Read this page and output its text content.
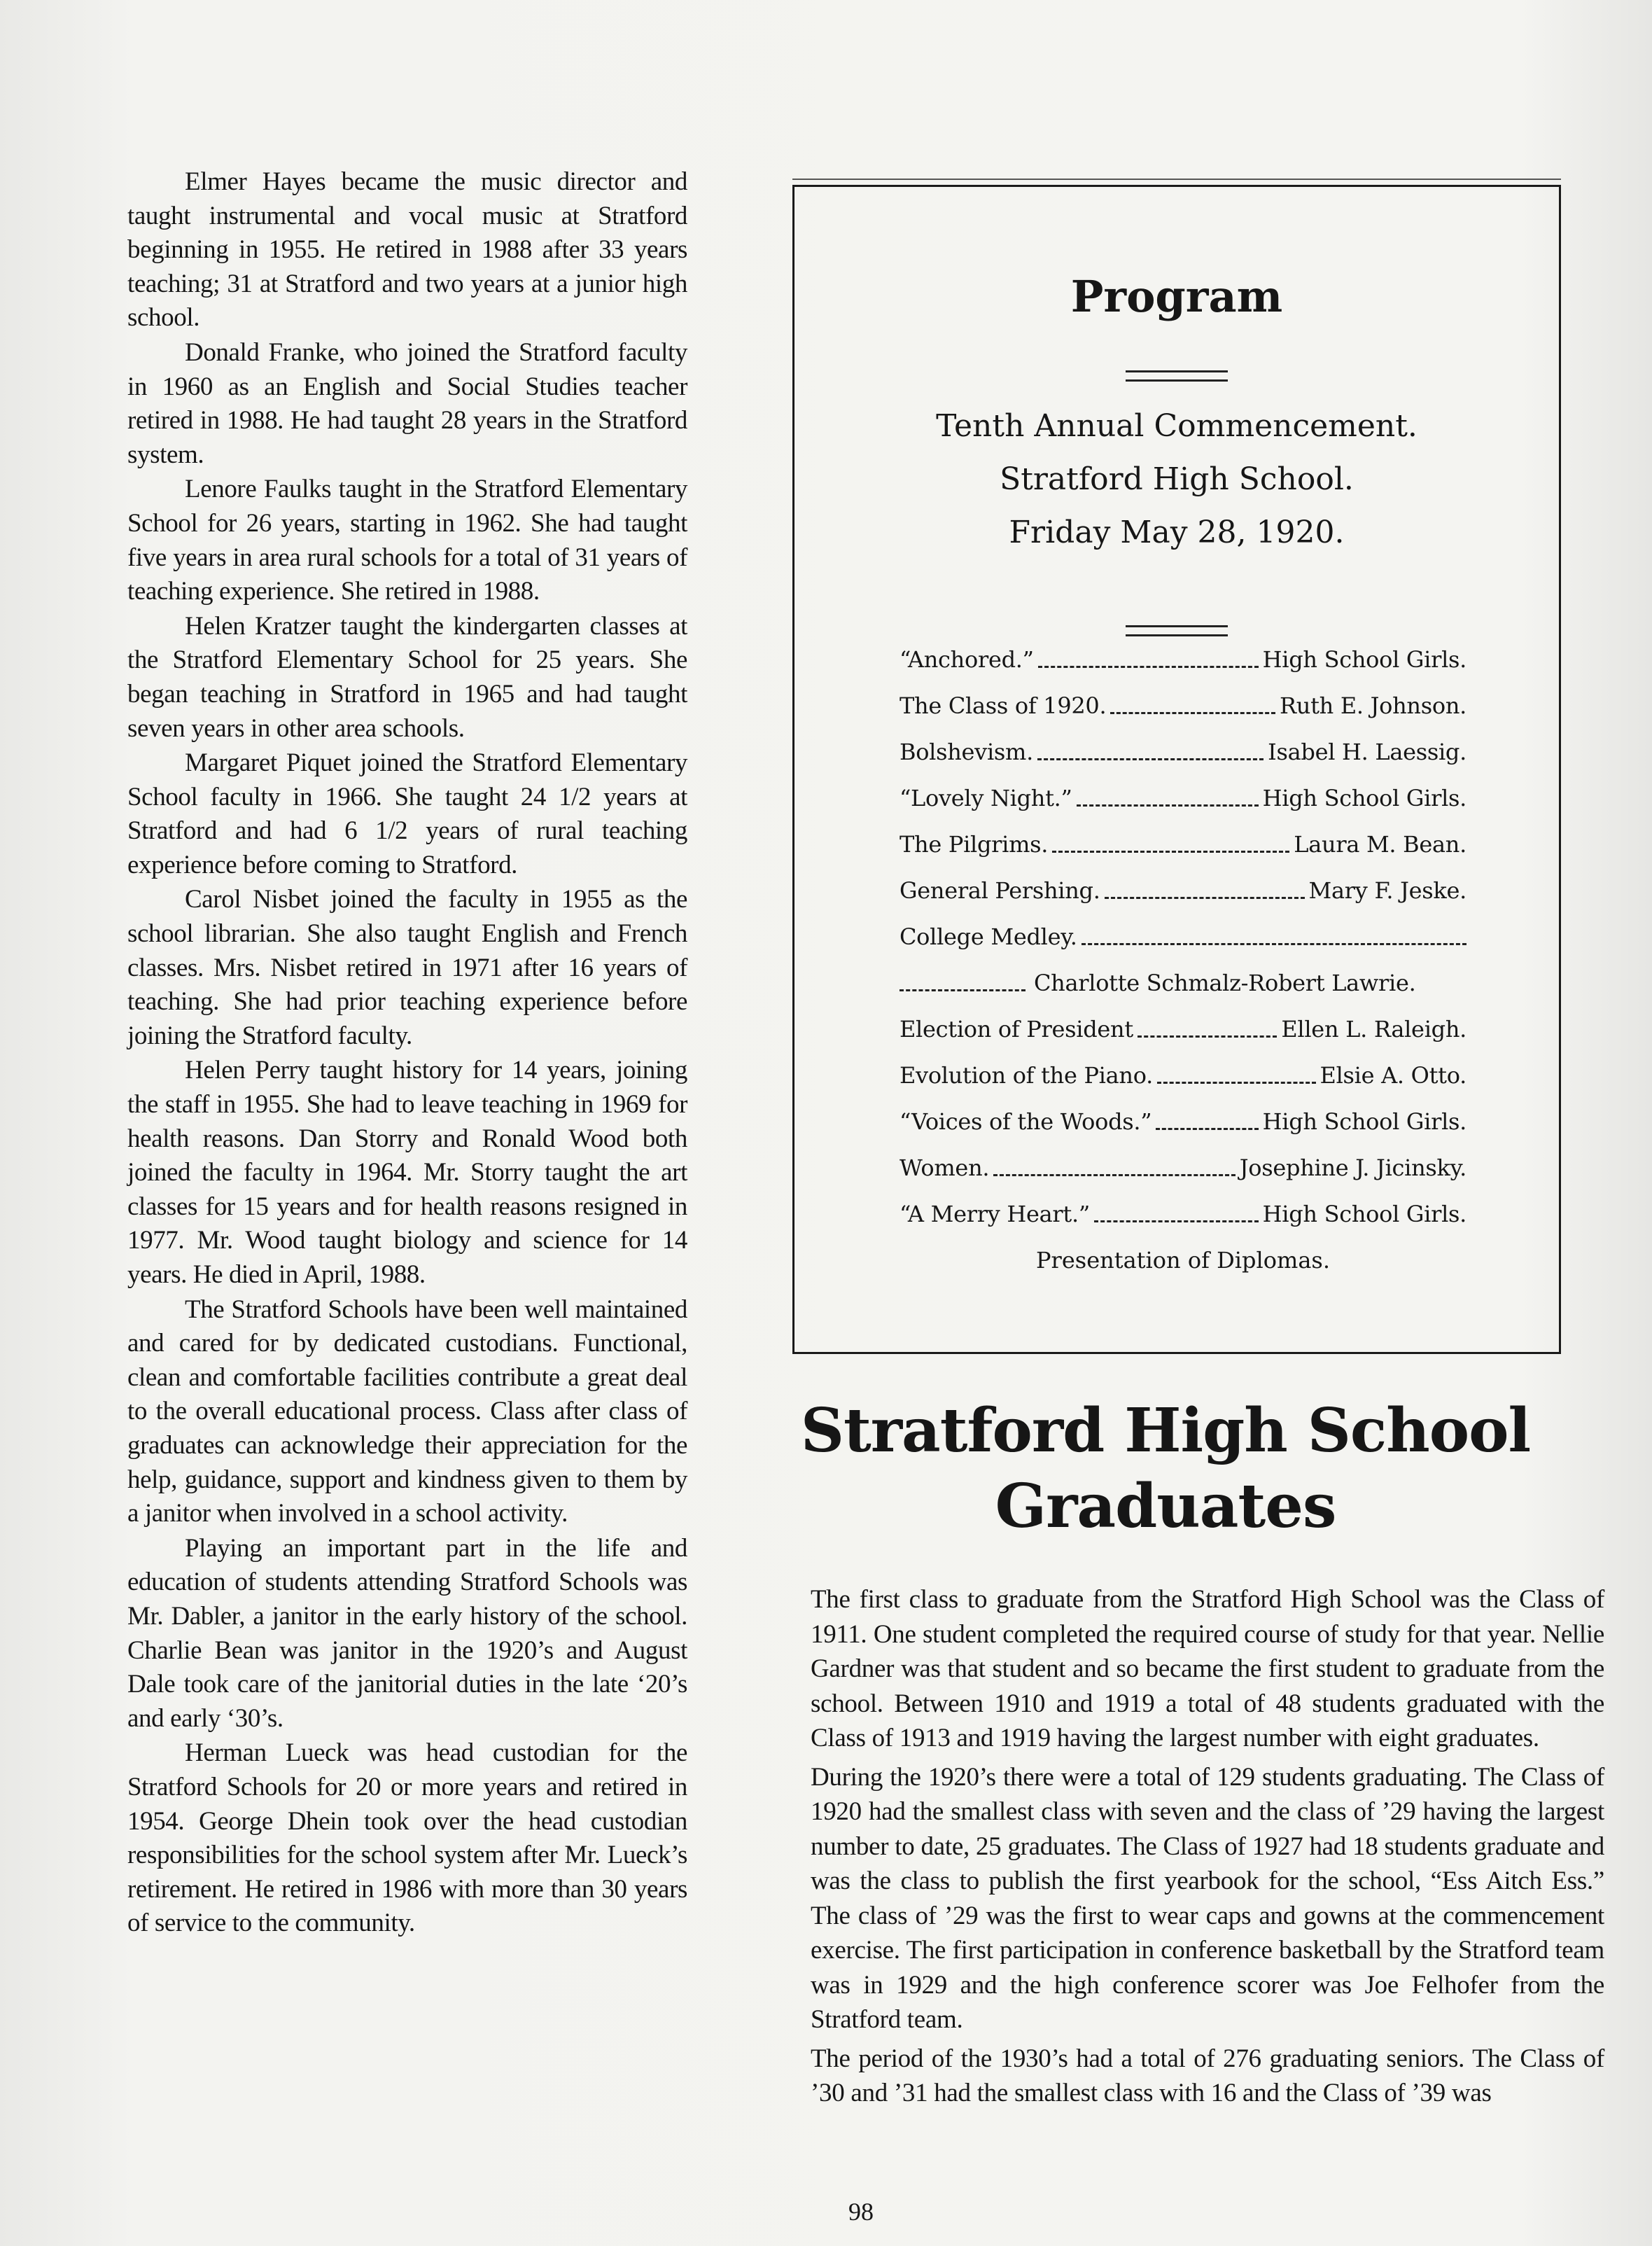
Elmer Hayes became the music director and taught instrumental and vocal music at Stratford beginning in 1955. He retired in 1988 after 33 years teaching; 31 at Stratford and two years at a junior high school.

Donald Franke, who joined the Stratford faculty in 1960 as an English and Social Studies teacher retired in 1988. He had taught 28 years in the Stratford system.

Lenore Faulks taught in the Stratford Elementary School for 26 years, starting in 1962. She had taught five years in area rural schools for a total of 31 years of teaching experience. She retired in 1988.

Helen Kratzer taught the kindergarten classes at the Stratford Elementary School for 25 years. She began teaching in Stratford in 1965 and had taught seven years in other area schools.

Margaret Piquet joined the Stratford Elementary School faculty in 1966. She taught 24 1/2 years at Stratford and had 6 1/2 years of rural teaching experience before coming to Stratford.

Carol Nisbet joined the faculty in 1955 as the school librarian. She also taught English and French classes. Mrs. Nisbet retired in 1971 after 16 years of teaching. She had prior teaching experience before joining the Stratford faculty.

Helen Perry taught history for 14 years, joining the staff in 1955. She had to leave teaching in 1969 for health reasons. Dan Storry and Ronald Wood both joined the faculty in 1964. Mr. Storry taught the art classes for 15 years and for health reasons resigned in 1977. Mr. Wood taught biology and science for 14 years. He died in April, 1988.

The Stratford Schools have been well maintained and cared for by dedicated custodians. Functional, clean and comfortable facilities contribute a great deal to the overall educational process. Class after class of graduates can acknowledge their appreciation for the help, guidance, support and kindness given to them by a janitor when involved in a school activity.

Playing an important part in the life and education of students attending Stratford Schools was Mr. Dabler, a janitor in the early history of the school. Charlie Bean was janitor in the 1920’s and August Dale took care of the janitorial duties in the late ‘20’s and early ‘30’s.

Herman Lueck was head custodian for the Stratford Schools for 20 or more years and retired in 1954. George Dhein took over the head custodian responsibilities for the school system after Mr. Lueck’s retirement. He retired in 1986 with more than 30 years of service to the community.

Program
Tenth Annual Commencement.
Stratford High School.
Friday May 28, 1920.
“Anchored.”	High School Girls.
The Class of 1920.	Ruth E. Johnson.
Bolshevism.	Isabel H. Laessig.
“Lovely Night.”	High School Girls.
The Pilgrims.	Laura M. Bean.
General Pershing.	Mary F. Jeske.
College Medley.
Charlotte Schmalz-Robert Lawrie.
Election of President	Ellen L. Raleigh.
Evolution of the Piano.	Elsie A. Otto.
“Voices of the Woods.”	High School Girls.
Women.	Josephine J. Jicinsky.
“A Merry Heart.”	High School Girls.
Presentation of Diplomas.
Stratford High School
Graduates

The first class to graduate from the Stratford High School was the Class of 1911. One student completed the required course of study for that year. Nellie Gardner was that student and so became the first student to graduate from the school. Between 1910 and 1919 a total of 48 students graduated with the Class of 1913 and 1919 having the largest number with eight graduates.

During the 1920’s there were a total of 129 students graduating. The Class of 1920 had the smallest class with seven and the class of ’29 having the largest number to date, 25 graduates. The Class of 1927 had 18 students graduate and was the class to publish the first yearbook for the school, “Ess Aitch Ess.” The class of ’29 was the first to wear caps and gowns at the commencement exercise. The first participation in conference basketball by the Stratford team was in 1929 and the high conference scorer was Joe Felhofer from the Stratford team.

The period of the 1930’s had a total of 276 graduating seniors. The Class of ’30 and ’31 had the smallest class with 16 and the Class of ’39 was

98
